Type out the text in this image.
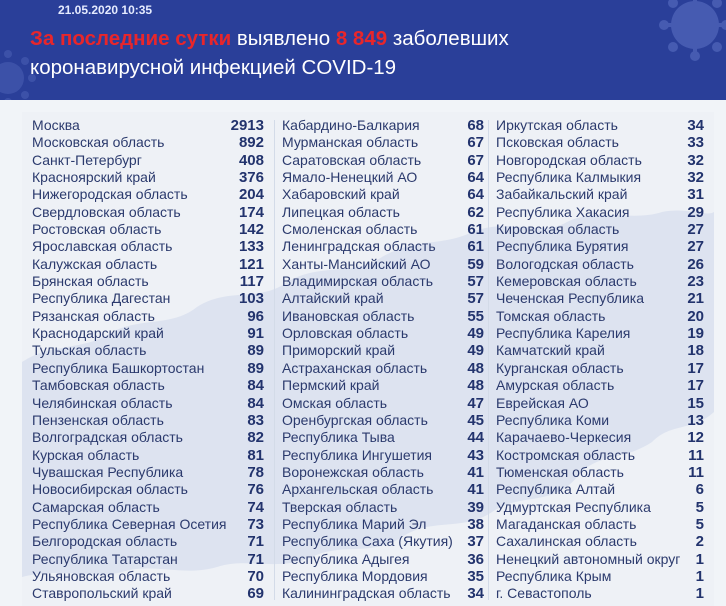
21.05.2020 10:35
За последние сутки выявлено 8 849 заболевших
коронавирусной инфекцией COVID-19
Москва	2913
Московская область	892
Санкт-Петербург	408
Красноярский край	376
Нижегородская область	204
Свердловская область	174
Ростовская область	142
Ярославская область	133
Калужская область	121
Брянская область	117
Республика Дагестан	103
Рязанская область	96
Краснодарский край	91
Тульская область	89
Республика Башкортостан	89
Тамбовская область	84
Челябинская область	84
Пензенская область	83
Волгоградская область	82
Курская область	81
Чувашская Республика	78
Новосибирская область	76
Самарская область	74
Республика Северная Осетия 73
Белгородская область	71
Республика Татарстан	71
Ульяновская область	70
Ставропольский край	69
Кабардино-Балкария	68
Мурманская область	67
Саратовская область	67
Ямало-Ненецкий АО	64
Хабаровский край	64
Липецкая область	62
Смоленская область	61
Ленинградская область 61
Ханты-Мансийский АО 59
Владимирская область 57
Алтайский край	57
Ивановская область	55
Орловская область	49
Приморский край	49
Астраханская область	48
Пермский край	48
Омская область	47
Оренбургская область	45
Республика Тыва	44
Республика Ингушетия 43
Воронежская область	41
Архангельская область 41
Тверская область	39
Республика Марий Эл	38
Республика Саха (Якутия) 37
Республика Адыгея	36
Республика Мордовия	35
Калининградская область 34
Иркутская область	34
Псковская область	33
Новгородская область	32
Республика Калмыкия	32
Забайкальский край	31
Республика Хакасия	29
Кировская область	27
Республика Бурятия	27
Вологодская область	26
Кемеровская область	23
Чеченская Республика	21
Томская область	20
Республика Карелия	19
Камчатский край	18
Курганская область	17
Амурская область	17
Еврейская АО	15
Республика Коми	13
Карачаево-Черкесия	12
Костромская область	11
Тюменская область	11
Республика Алтай	6
Удмуртская Республика	5
Магаданская область	5
Сахалинская область	2
Ненецкий автономный округ 1
Республика Крым	1
г. Севастополь	1
